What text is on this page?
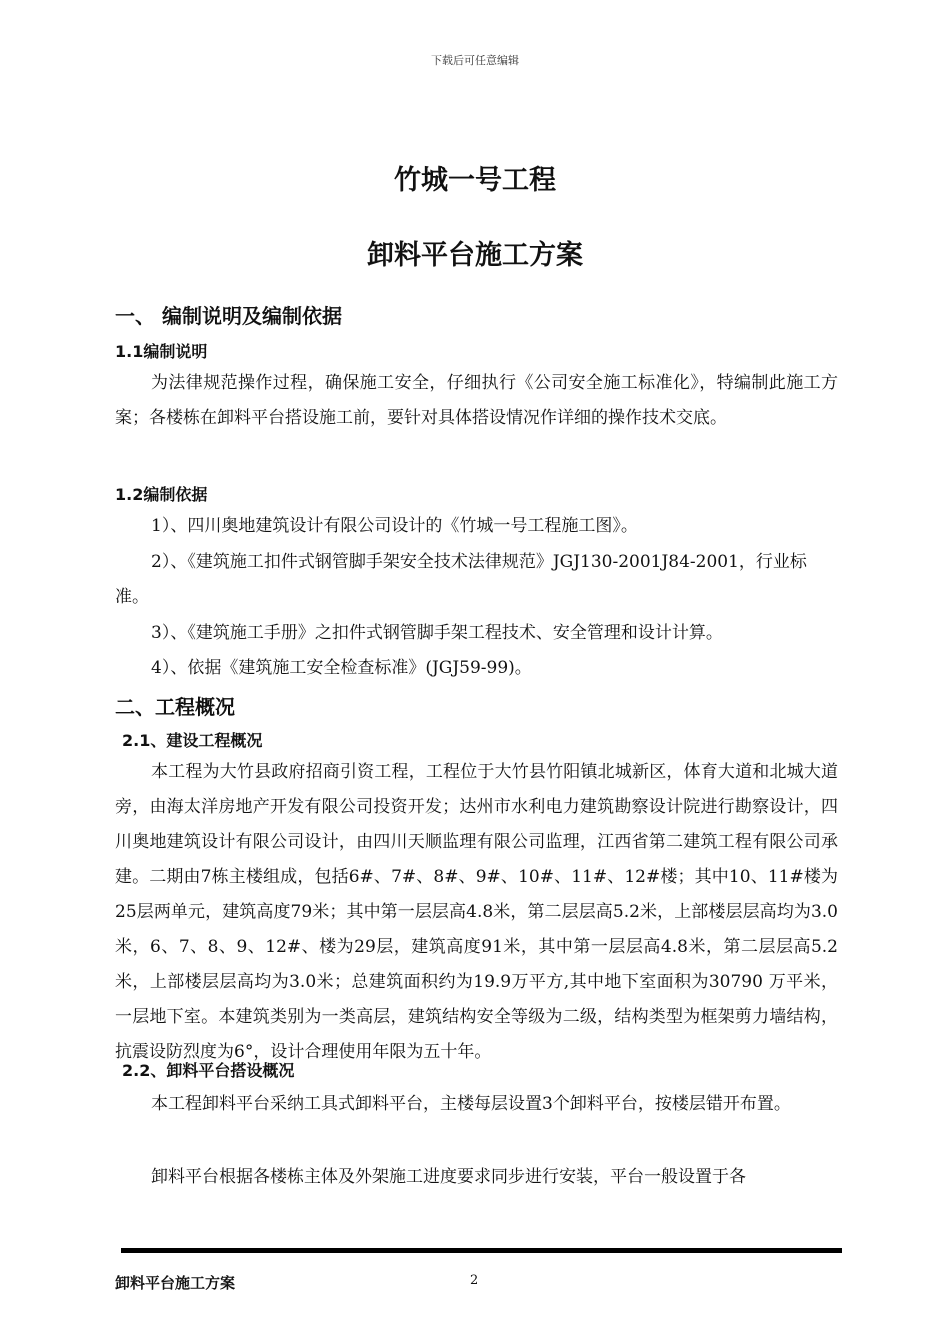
下载后可任意编辑
竹城一号工程
卸料平台施工方案
一、 编制说明及编制依据
1.1编制说明

为法律规范操作过程，确保施工安全，仔细执行《公司安全施工标准化》，特编制此施工方案；各楼栋在卸料平台搭设施工前，要针对具体搭设情况作详细的操作技术交底。

1.2编制依据

1）、四川奥地建筑设计有限公司设计的《竹城一号工程施工图》。

2）、《建筑施工扣件式钢管脚手架安全技术法律规范》JGJ130-2001J84-2001，行业标准。

3）、《建筑施工手册》之扣件式钢管脚手架工程技术、安全管理和设计计算。

4）、依据《建筑施工安全检查标准》(JGJ59-99)。

二、工程概况
2.1、建设工程概况

本工程为大竹县政府招商引资工程，工程位于大竹县竹阳镇北城新区，体育大道和北城大道旁，由海太洋房地产开发有限公司投资开发；达州市水利电力建筑勘察设计院进行勘察设计，四川奥地建筑设计有限公司设计，由四川天顺监理有限公司监理，江西省第二建筑工程有限公司承建。二期由7栋主楼组成，包括6#、7#、8#、9#、10#、11#、12#楼；其中10、11#楼为25层两单元，建筑高度79米；其中第一层层高4.8米，第二层层高5.2米，上部楼层层高均为3.0米，6、7、8、9、12#、楼为29层，建筑高度91米，其中第一层层高4.8米，第二层层高5.2米，上部楼层层高均为3.0米；总建筑面积约为19.9万平方,其中地下室面积为30790 万平米，一层地下室。本建筑类别为一类高层，建筑结构安全等级为二级，结构类型为框架剪力墙结构，抗震设防烈度为6°，设计合理使用年限为五十年。

2.2、卸料平台搭设概况

本工程卸料平台采纳工具式卸料平台，主楼每层设置3个卸料平台，按楼层错开布置。

卸料平台根据各楼栋主体及外架施工进度要求同步进行安装，平台一般设置于各

卸料平台施工方案	2
